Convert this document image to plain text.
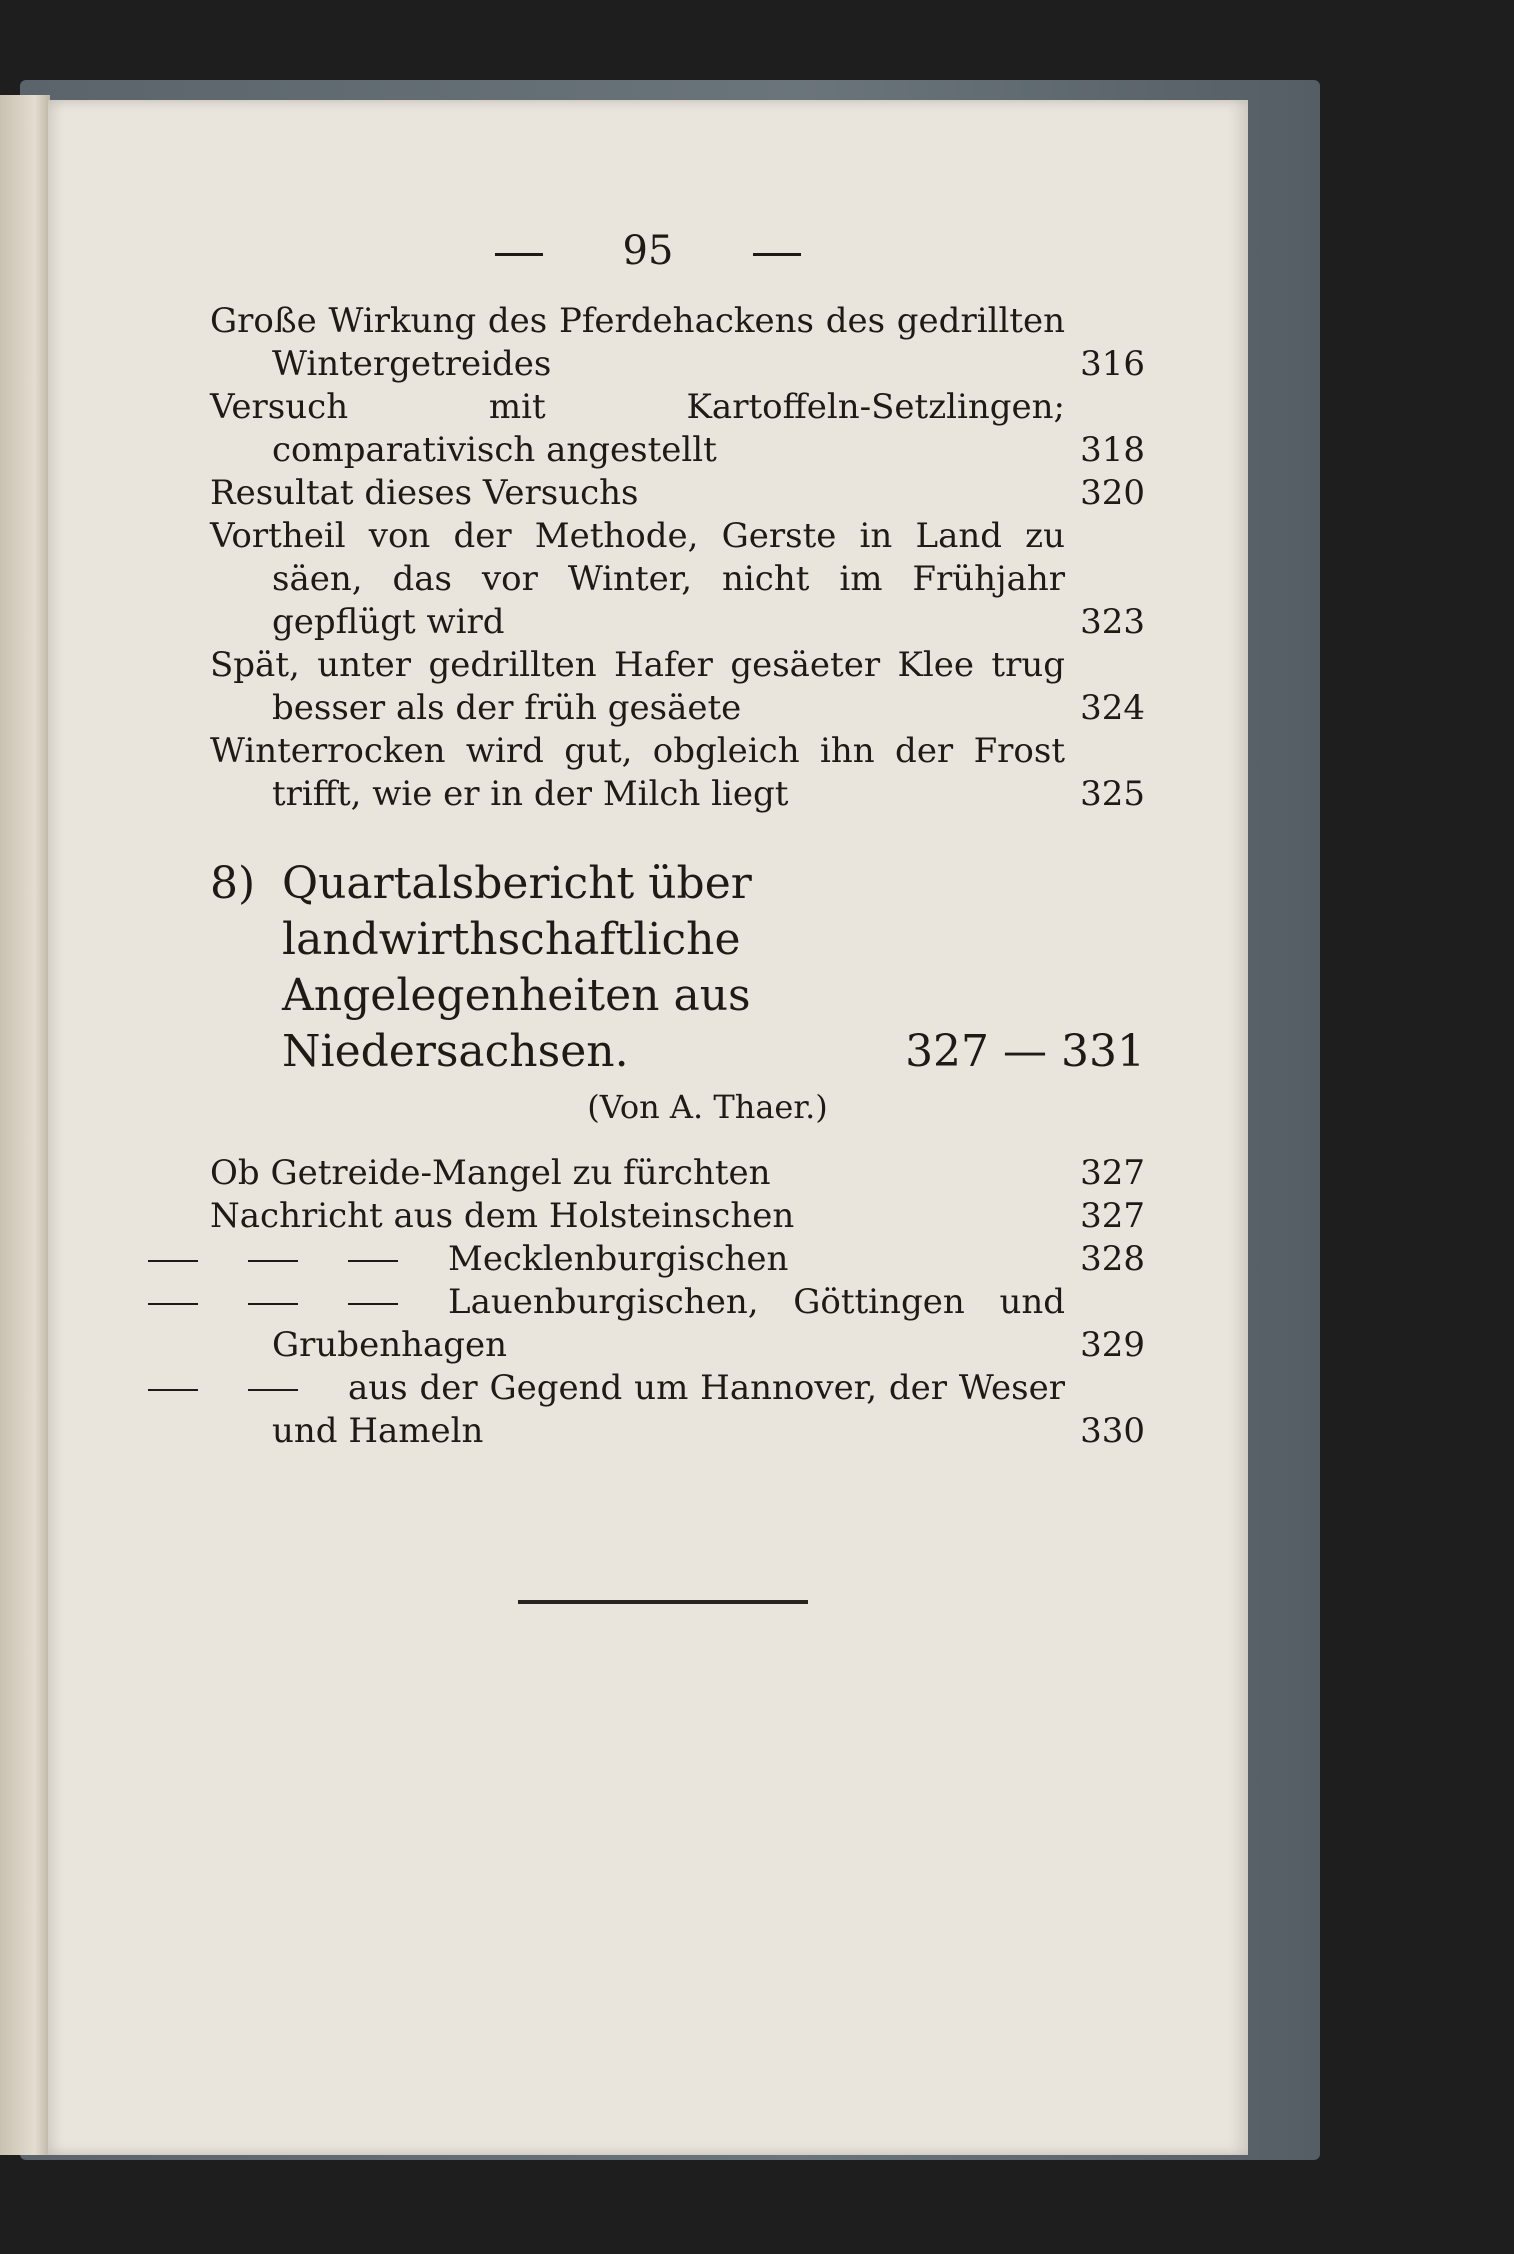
95
Große Wirkung des Pferdehackens des gedrillten Wintergetreides	316
Versuch mit Kartoffeln-Setzlingen; comparativisch angestellt	318
Resultat dieses Versuchs	320
Vortheil von der Methode, Gerste in Land zu säen, das vor Winter, nicht im Frühjahr gepflügt wird	323
Spät, unter gedrillten Hafer gesäeter Klee trug besser als der früh gesäete	324
Winterrocken wird gut, obgleich ihn der Frost trifft, wie er in der Milch liegt	325
8) Quartalsbericht über landwirthschaftliche Angelegenheiten aus Niedersachsen.	327 — 331
(Von A. Thaer.)
Ob Getreide-Mangel zu fürchten	327
Nachricht aus dem Holsteinschen	327
Mecklenburgischen	328
Lauenburgischen, Göttingen und Grubenhagen	329
aus der Gegend um Hannover, der Weser und Hameln	330
